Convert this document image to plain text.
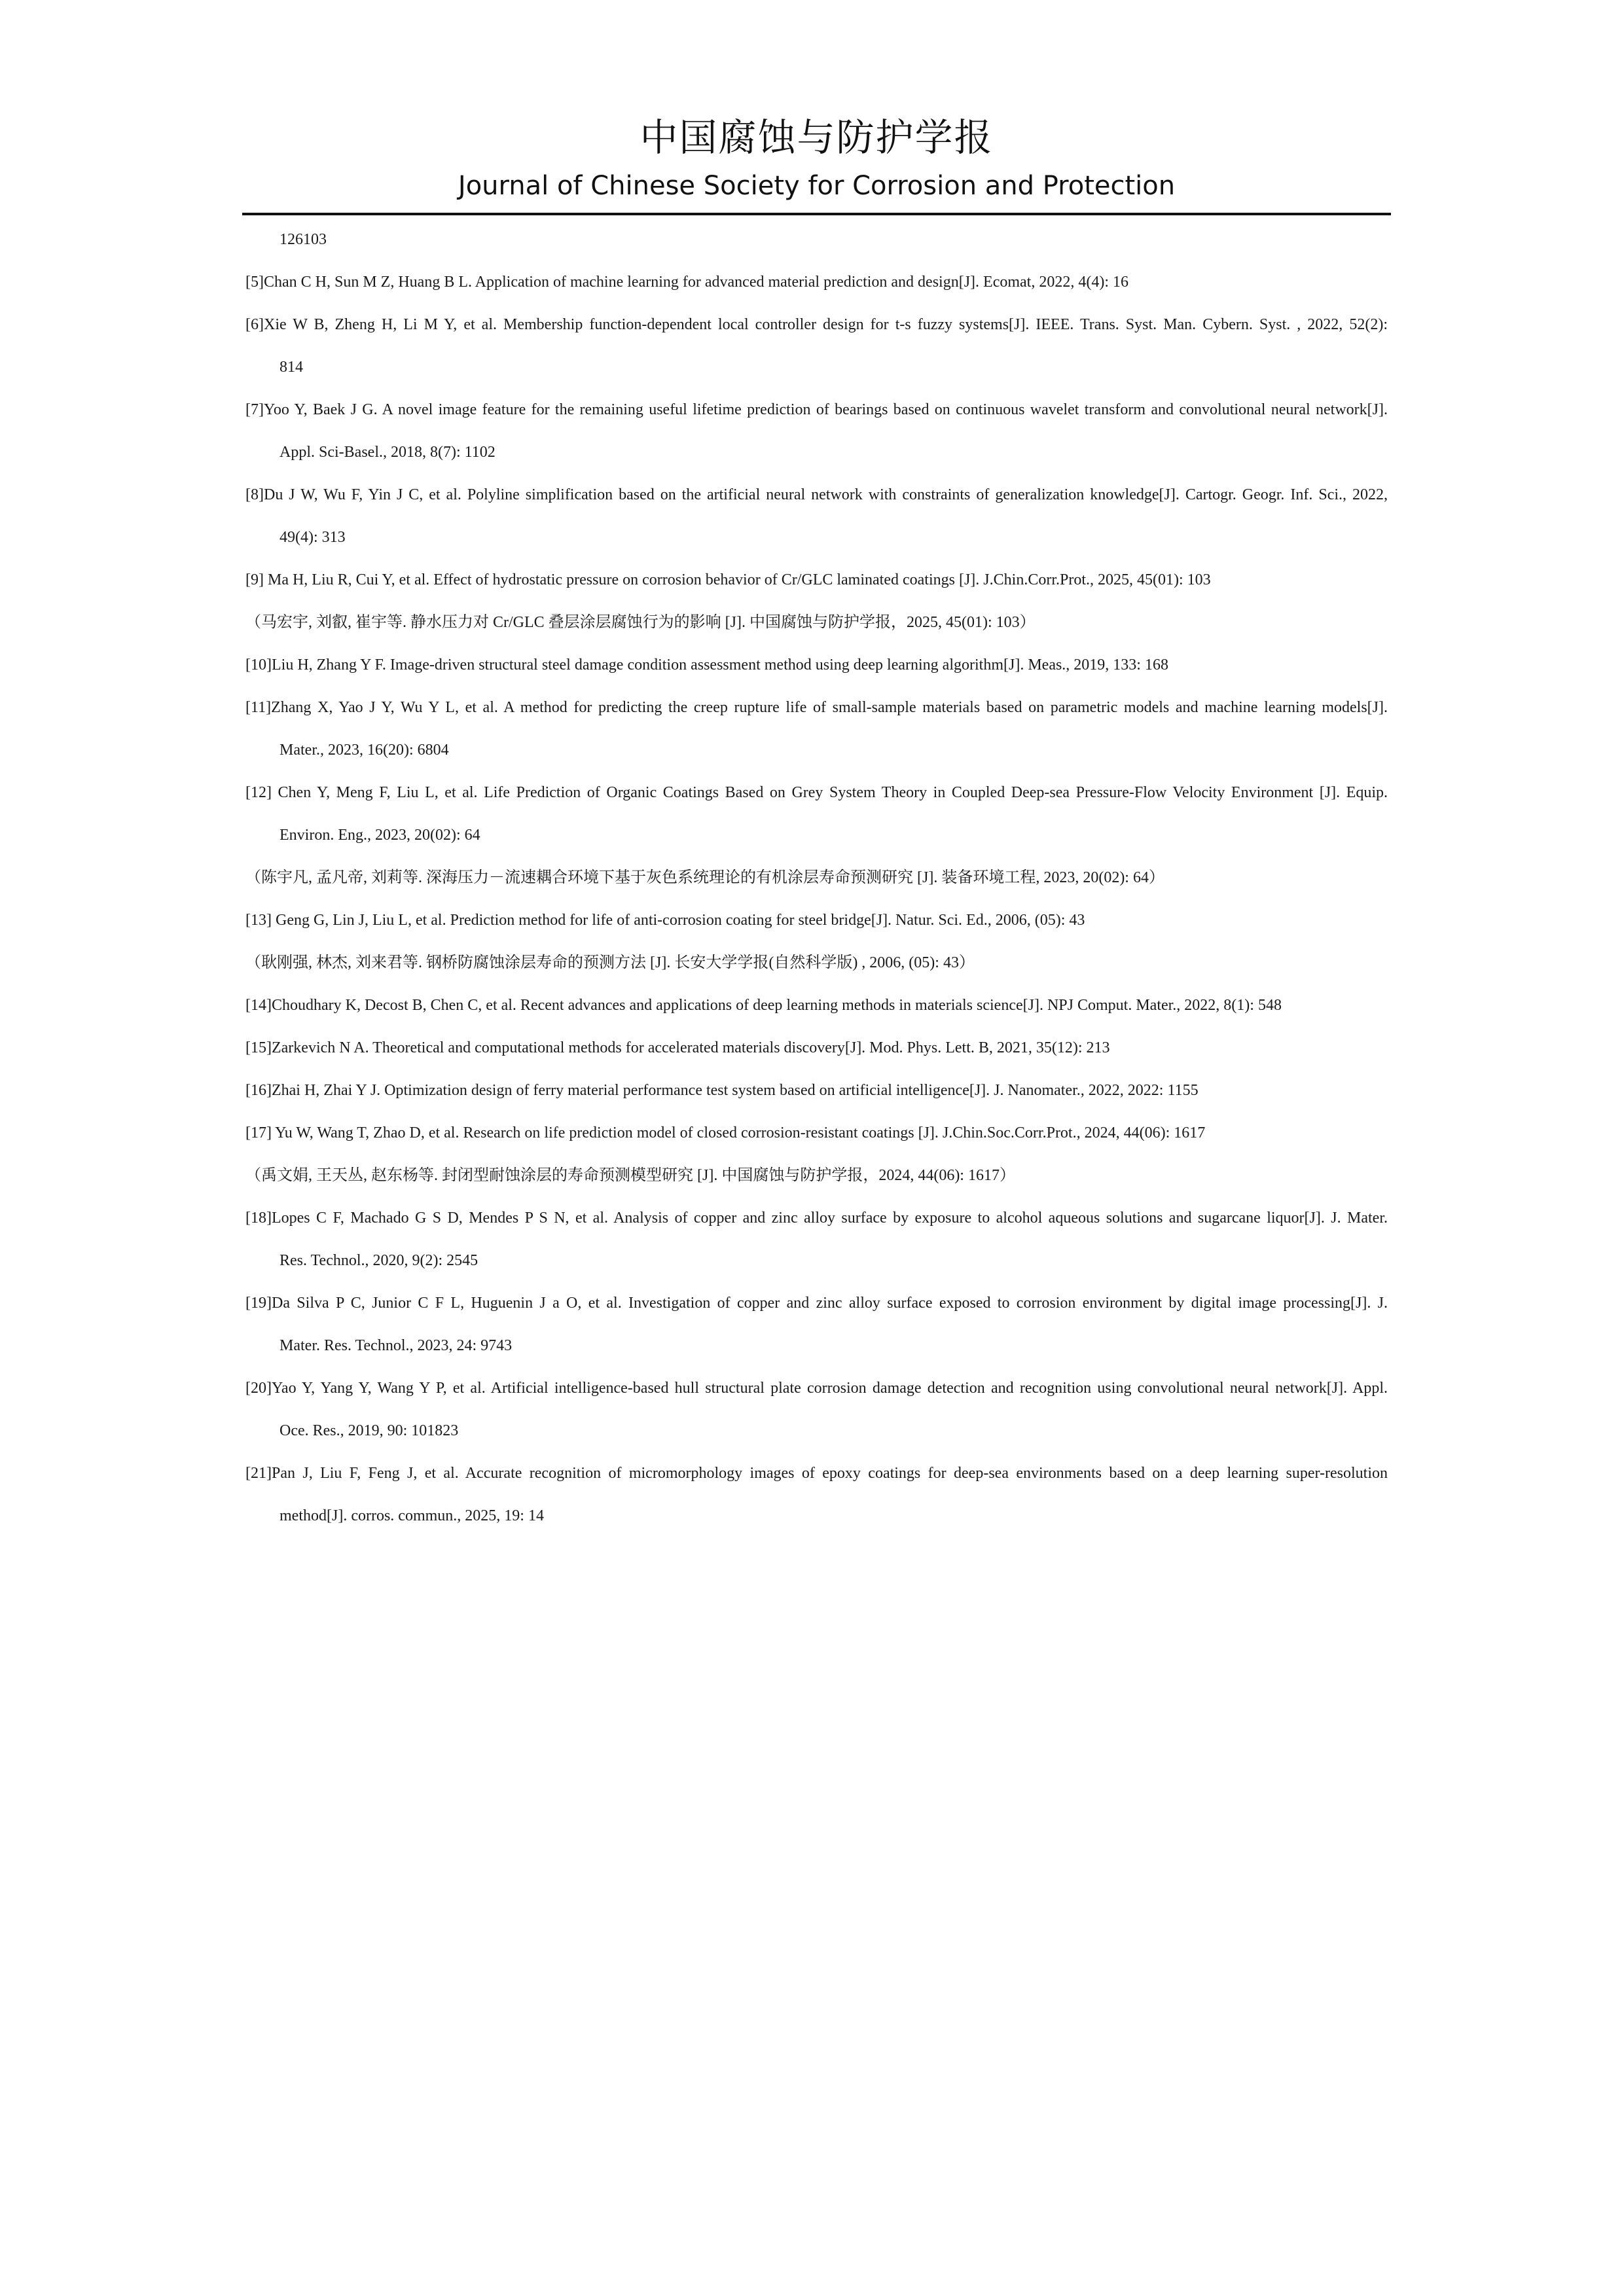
中国腐蚀与防护学报
Journal of Chinese Society for Corrosion and Protection
126103
[5]Chan C H, Sun M Z, Huang B L. Application of machine learning for advanced material prediction and design[J]. Ecomat, 2022, 4(4): 16
[6]Xie W B, Zheng H, Li M Y, et al. Membership function-dependent local controller design for t-s fuzzy systems[J]. IEEE. Trans. Syst. Man. Cybern. Syst. , 2022, 52(2):
814
[7]Yoo Y, Baek J G. A novel image feature for the remaining useful lifetime prediction of bearings based on continuous wavelet transform and convolutional neural network[J].
Appl. Sci-Basel., 2018, 8(7): 1102
[8]Du J W, Wu F, Yin J C, et al. Polyline simplification based on the artificial neural network with constraints of generalization knowledge[J]. Cartogr. Geogr. Inf. Sci., 2022,
49(4): 313
[9] Ma H, Liu R, Cui Y, et al. Effect of hydrostatic pressure on corrosion behavior of Cr/GLC laminated coatings [J]. J.Chin.Corr.Prot., 2025, 45(01): 103
（马宏宇, 刘叡, 崔宇等. 静水压力对 Cr/GLC 叠层涂层腐蚀行为的影响 [J]. 中国腐蚀与防护学报，2025, 45(01): 103）
[10]Liu H, Zhang Y F. Image-driven structural steel damage condition assessment method using deep learning algorithm[J]. Meas., 2019, 133: 168
[11]Zhang X, Yao J Y, Wu Y L, et al. A method for predicting the creep rupture life of small-sample materials based on parametric models and machine learning models[J].
Mater., 2023, 16(20): 6804
[12] Chen Y, Meng F, Liu L, et al. Life Prediction of Organic Coatings Based on Grey System Theory in Coupled Deep-sea Pressure-Flow Velocity Environment [J]. Equip.
Environ. Eng., 2023, 20(02): 64
（陈宇凡, 孟凡帝, 刘莉等. 深海压力－流速耦合环境下基于灰色系统理论的有机涂层寿命预测研究 [J]. 装备环境工程, 2023, 20(02): 64）
[13] Geng G, Lin J, Liu L, et al. Prediction method for life of anti-corrosion coating for steel bridge[J]. Natur. Sci. Ed., 2006, (05): 43
（耿刚强, 林杰, 刘来君等. 钢桥防腐蚀涂层寿命的预测方法 [J]. 长安大学学报(自然科学版) , 2006, (05): 43）
[14]Choudhary K, Decost B, Chen C, et al. Recent advances and applications of deep learning methods in materials science[J]. NPJ Comput. Mater., 2022, 8(1): 548
[15]Zarkevich N A. Theoretical and computational methods for accelerated materials discovery[J]. Mod. Phys. Lett. B, 2021, 35(12): 213
[16]Zhai H, Zhai Y J. Optimization design of ferry material performance test system based on artificial intelligence[J]. J. Nanomater., 2022, 2022: 1155
[17] Yu W, Wang T, Zhao D, et al. Research on life prediction model of closed corrosion-resistant coatings [J]. J.Chin.Soc.Corr.Prot., 2024, 44(06): 1617
（禹文娟, 王天丛, 赵东杨等. 封闭型耐蚀涂层的寿命预测模型研究 [J]. 中国腐蚀与防护学报，2024, 44(06): 1617）
[18]Lopes C F, Machado G S D, Mendes P S N, et al. Analysis of copper and zinc alloy surface by exposure to alcohol aqueous solutions and sugarcane liquor[J]. J. Mater.
Res. Technol., 2020, 9(2): 2545
[19]Da Silva P C, Junior C F L, Huguenin J a O, et al. Investigation of copper and zinc alloy surface exposed to corrosion environment by digital image processing[J]. J.
Mater. Res. Technol., 2023, 24: 9743
[20]Yao Y, Yang Y, Wang Y P, et al. Artificial intelligence-based hull structural plate corrosion damage detection and recognition using convolutional neural network[J]. Appl.
Oce. Res., 2019, 90: 101823
[21]Pan J, Liu F, Feng J, et al. Accurate recognition of micromorphology images of epoxy coatings for deep-sea environments based on a deep learning super-resolution
method[J]. corros. commun., 2025, 19: 14
